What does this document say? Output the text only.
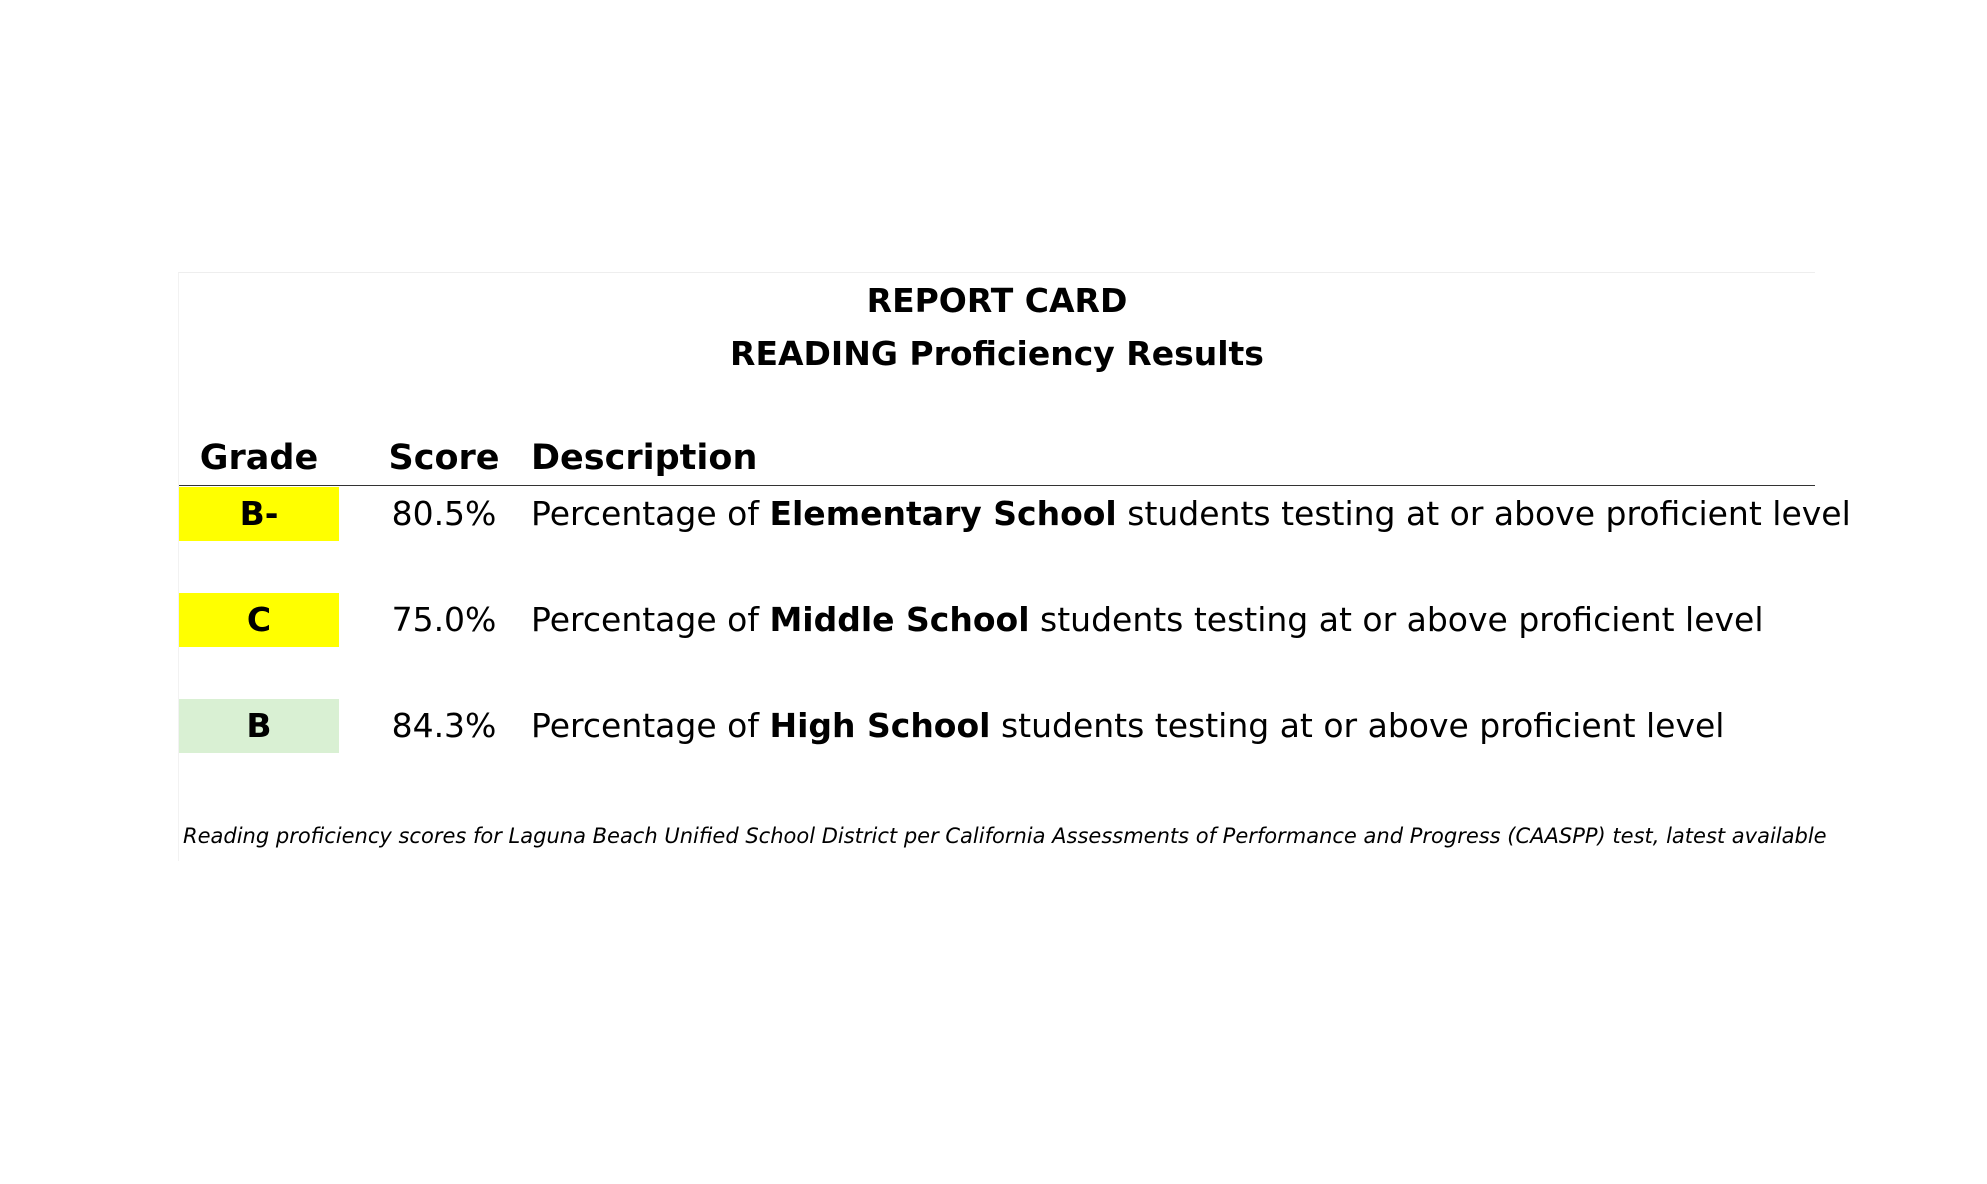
REPORT CARD
READING Proficiency Results
Grade	Score Description
B-	80.5%	Percentage of Elementary School students testing at or above proficient level
C	75.0%	Percentage of Middle School students testing at or above proficient level
B	84.3%	Percentage of High School students testing at or above proficient level
Reading proficiency scores for Laguna Beach Unified School District per California Assessments of Performance and Progress (CAASPP) test, latest available
